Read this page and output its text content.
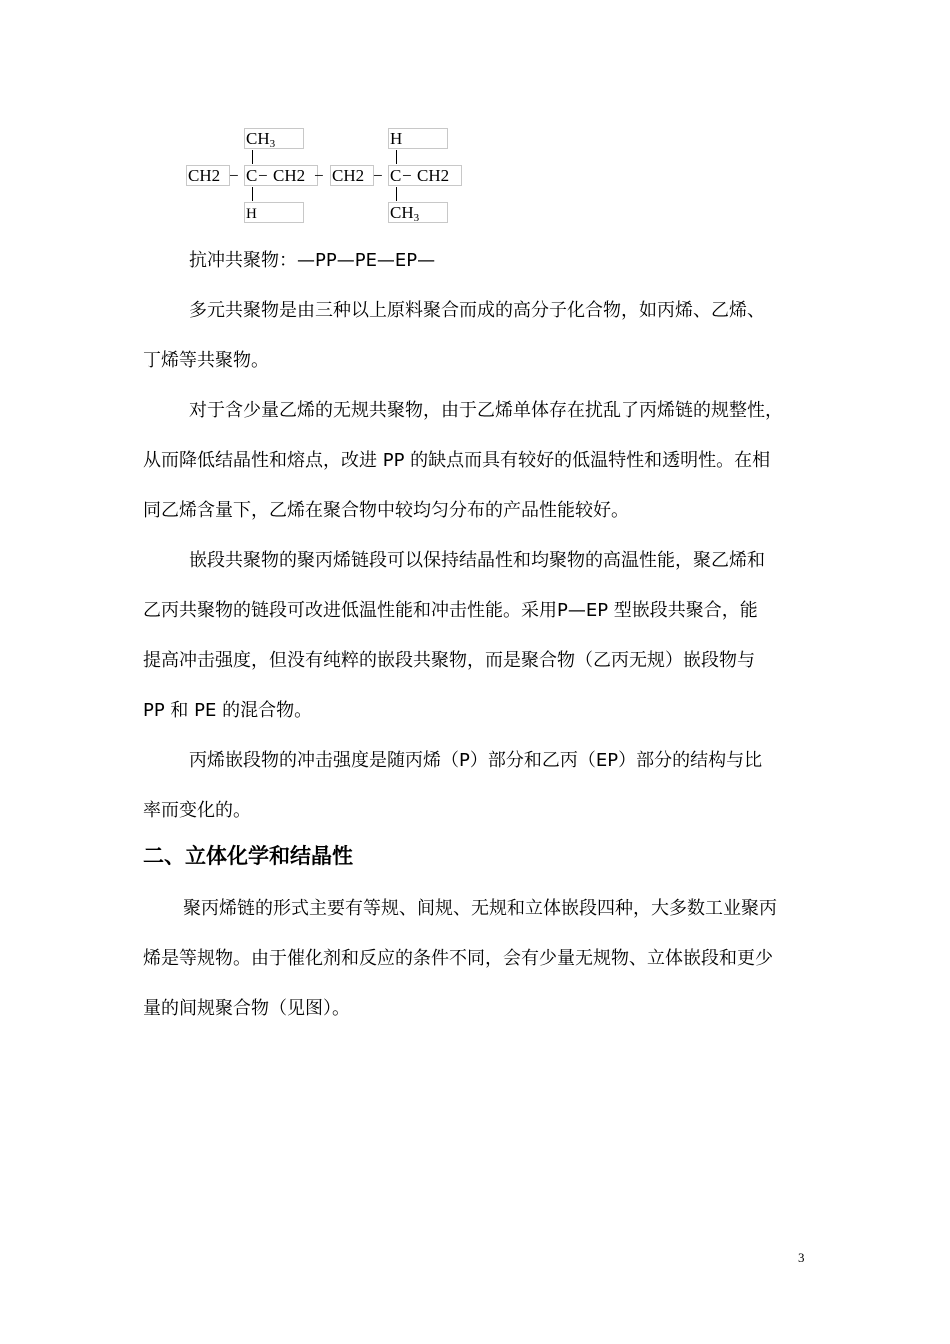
$CH_3$	H
CH2 − C − CH2 − CH2 − C − CH2
H	$CH_3$
抗冲共聚物：—PP—PE—EP—
多元共聚物是由三种以上原料聚合而成的高分子化合物，如丙烯、乙烯、
丁烯等共聚物。
对于含少量乙烯的无规共聚物，由于乙烯单体存在扰乱了丙烯链的规整性，
从而降低结晶性和熔点，改进 PP 的缺点而具有较好的低温特性和透明性。在相
同乙烯含量下，乙烯在聚合物中较均匀分布的产品性能较好。
嵌段共聚物的聚丙烯链段可以保持结晶性和均聚物的高温性能，聚乙烯和
乙丙共聚物的链段可改进低温性能和冲击性能。采用P—EP 型嵌段共聚合，能
提高冲击强度，但没有纯粹的嵌段共聚物，而是聚合物（乙丙无规）嵌段物与
PP 和 PE 的混合物。
丙烯嵌段物的冲击强度是随丙烯（P）部分和乙丙（EP）部分的结构与比
率而变化的。
二、立体化学和结晶性
聚丙烯链的形式主要有等规、间规、无规和立体嵌段四种，大多数工业聚丙
烯是等规物。由于催化剂和反应的条件不同，会有少量无规物、立体嵌段和更少
量的间规聚合物（见图）。
3
